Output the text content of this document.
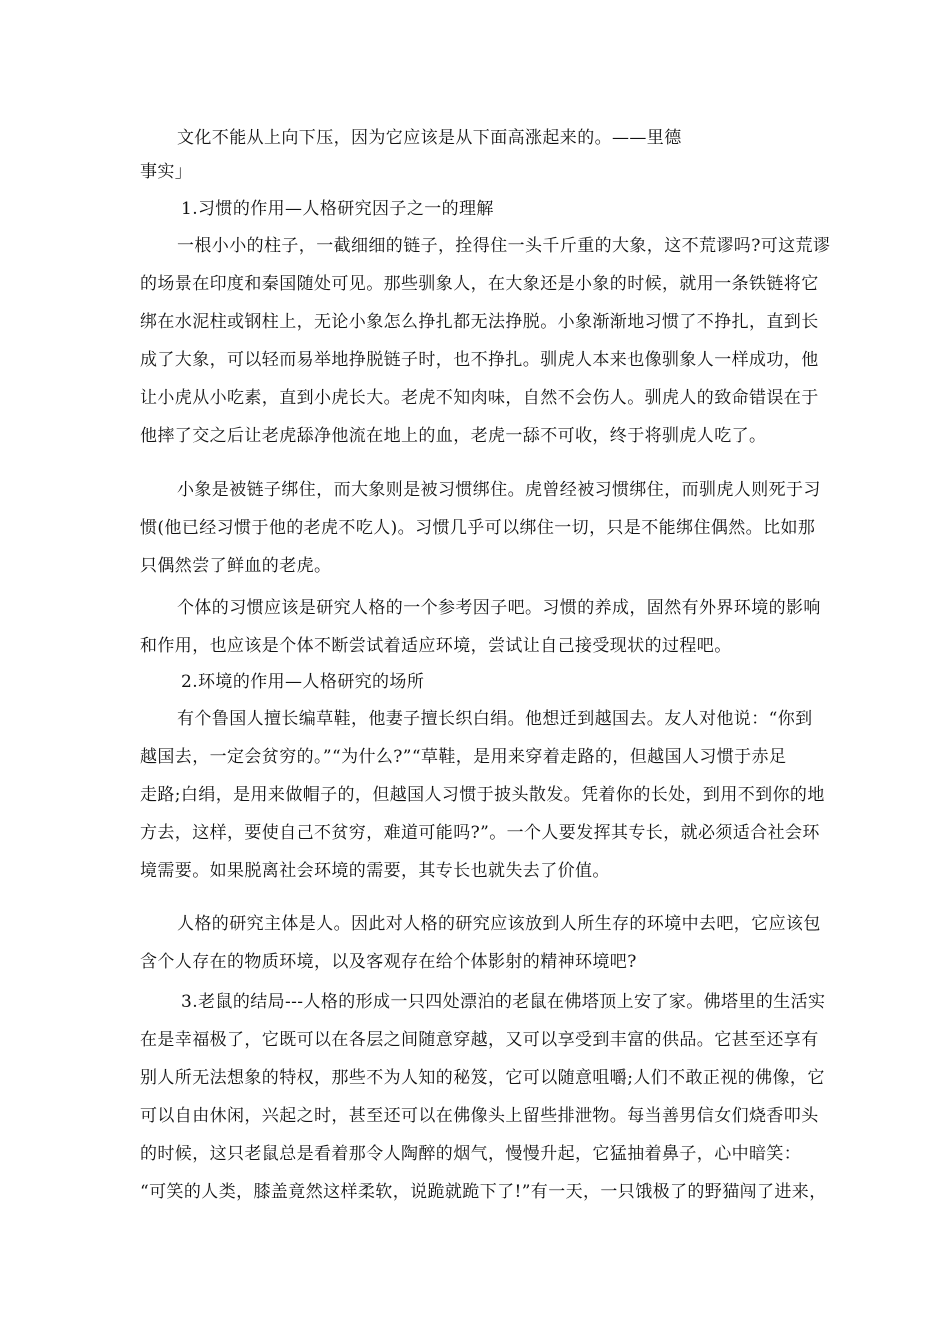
文化不能从上向下压，因为它应该是从下面高涨起来的。——里德
事实」
1.习惯的作用—人格研究因子之一的理解
一根小小的柱子，一截细细的链子，拴得住一头千斤重的大象，这不荒谬吗?可这荒谬
的场景在印度和秦国随处可见。那些驯象人，在大象还是小象的时候，就用一条铁链将它
绑在水泥柱或钢柱上，无论小象怎么挣扎都无法挣脱。小象渐渐地习惯了不挣扎，直到长
成了大象，可以轻而易举地挣脱链子时，也不挣扎。驯虎人本来也像驯象人一样成功，他
让小虎从小吃素，直到小虎长大。老虎不知肉味，自然不会伤人。驯虎人的致命错误在于
他摔了交之后让老虎舔净他流在地上的血，老虎一舔不可收，终于将驯虎人吃了。
小象是被链子绑住，而大象则是被习惯绑住。虎曾经被习惯绑住，而驯虎人则死于习
惯(他已经习惯于他的老虎不吃人)。习惯几乎可以绑住一切，只是不能绑住偶然。比如那
只偶然尝了鲜血的老虎。
个体的习惯应该是研究人格的一个参考因子吧。习惯的养成，固然有外界环境的影响
和作用，也应该是个体不断尝试着适应环境，尝试让自己接受现状的过程吧。
2.环境的作用—人格研究的场所
有个鲁国人擅长编草鞋，他妻子擅长织白绢。他想迁到越国去。友人对他说：“你到
越国去，一定会贫穷的。”“为什么?”“草鞋，是用来穿着走路的，但越国人习惯于赤足
走路;白绢，是用来做帽子的，但越国人习惯于披头散发。凭着你的长处，到用不到你的地
方去，这样，要使自己不贫穷，难道可能吗?”。一个人要发挥其专长，就必须适合社会环
境需要。如果脱离社会环境的需要，其专长也就失去了价值。
人格的研究主体是人。因此对人格的研究应该放到人所生存的环境中去吧，它应该包
含个人存在的物质环境，以及客观存在给个体影射的精神环境吧?
3.老鼠的结局---人格的形成一只四处漂泊的老鼠在佛塔顶上安了家。佛塔里的生活实
在是幸福极了，它既可以在各层之间随意穿越，又可以享受到丰富的供品。它甚至还享有
别人所无法想象的特权，那些不为人知的秘笈，它可以随意咀嚼;人们不敢正视的佛像，它
可以自由休闲，兴起之时，甚至还可以在佛像头上留些排泄物。每当善男信女们烧香叩头
的时候，这只老鼠总是看着那令人陶醉的烟气，慢慢升起，它猛抽着鼻子，心中暗笑：
“可笑的人类，膝盖竟然这样柔软，说跪就跪下了!”有一天，一只饿极了的野猫闯了进来，
